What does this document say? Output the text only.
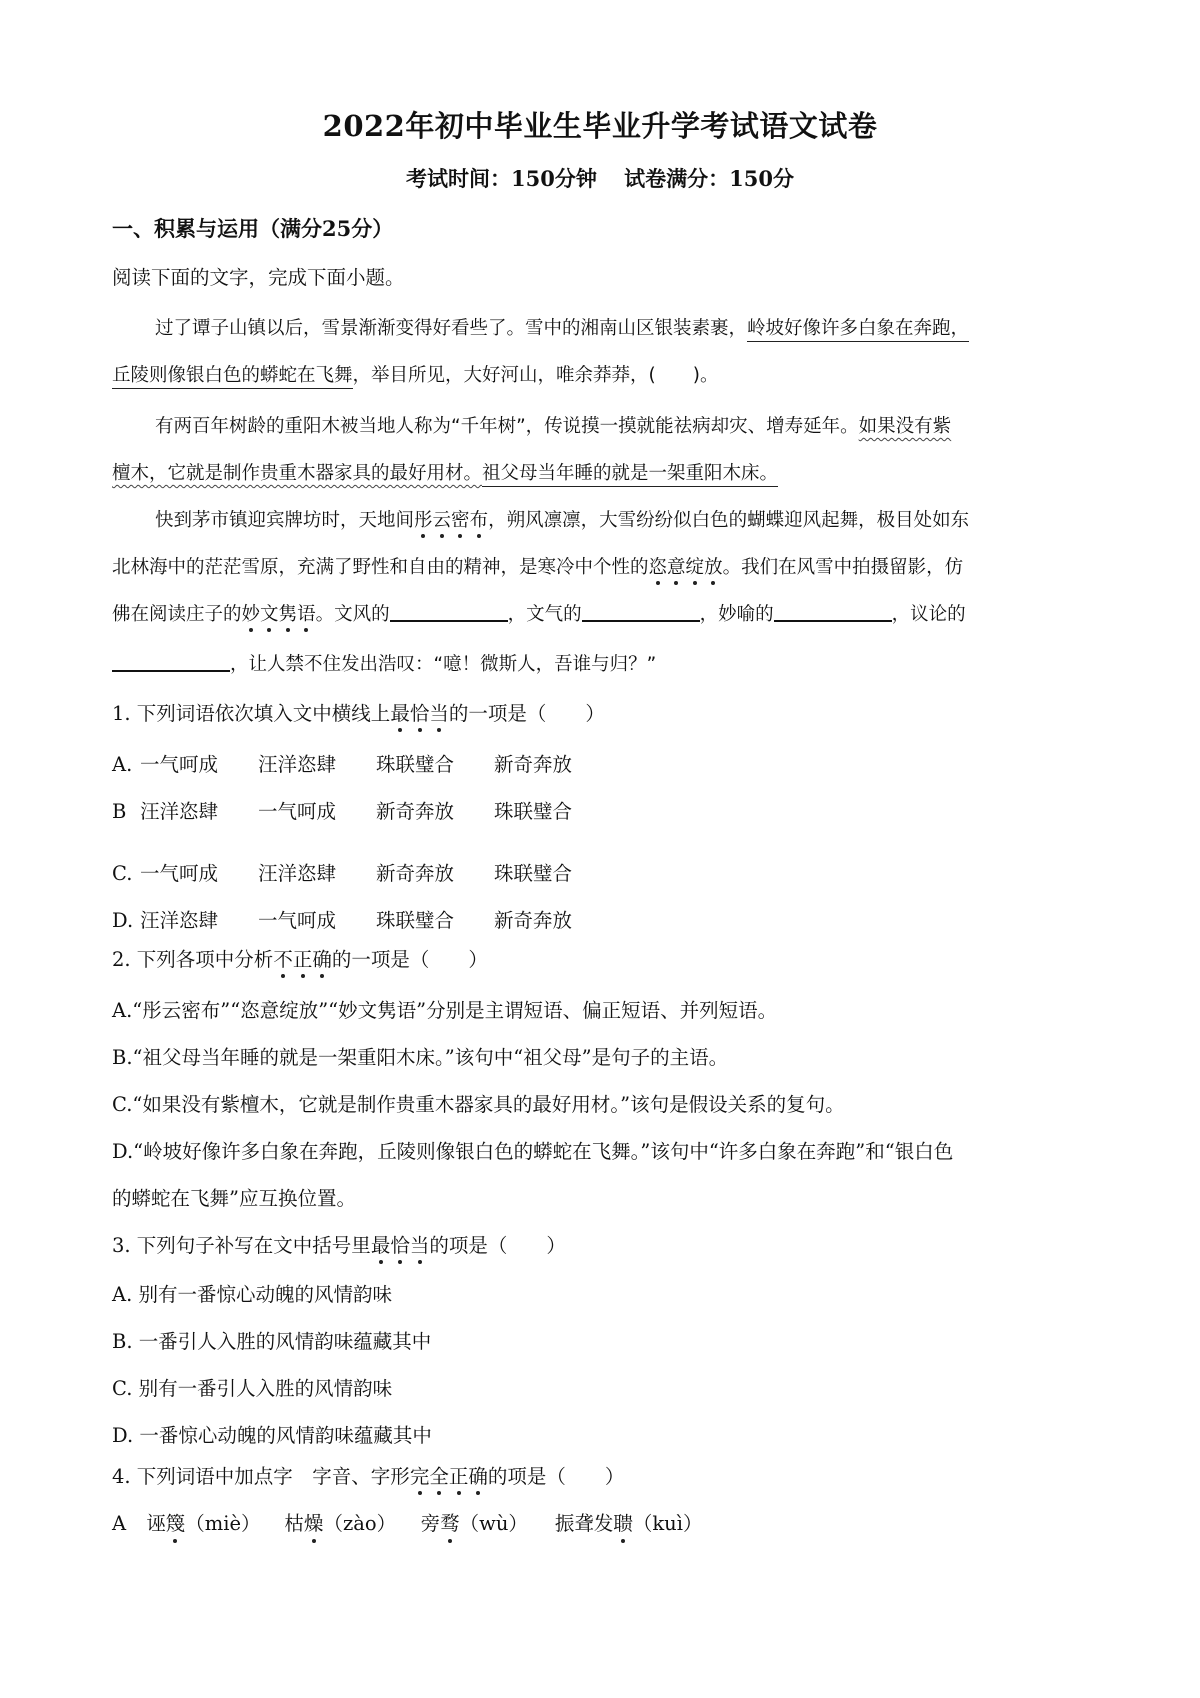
2022年初中毕业生毕业升学考试语文试卷
考试时间：150分钟 试卷满分：150分
一、积累与运用（满分25分）
阅读下面的文字，完成下面小题。
过了谭子山镇以后，雪景渐渐变得好看些了。雪中的湘南山区银装素裹，岭坡好像许多白象在奔跑，
丘陵则像银白色的蟒蛇在飞舞，举目所见，大好河山，唯余莽莽，(　　)。
有两百年树龄的重阳木被当地人称为“千年树”，传说摸一摸就能祛病却灾、增寿延年。如果没有紫
檀木，它就是制作贵重木器家具的最好用材。祖父母当年睡的就是一架重阳木床。
快到茅市镇迎宾牌坊时，天地间彤云密布，朔风凛凛，大雪纷纷似白色的蝴蝶迎风起舞，极目处如东
北林海中的茫茫雪原，充满了野性和自由的精神，是寒冷中个性的恣意绽放。我们在风雪中拍摄留影，仿
佛在阅读庄子的妙文隽语。文风的	，文气的	，妙喻的	，议论的
，让人禁不住发出浩叹：“噫！微斯人，吾谁与归？”
1. 下列词语依次填入文中横线上最恰当的一项是（　　）
A. 一气呵成 汪洋恣肆 珠联璧合 新奇奔放
B 汪洋恣肆 一气呵成 新奇奔放 珠联璧合
C. 一气呵成 汪洋恣肆 新奇奔放 珠联璧合
D. 汪洋恣肆 一气呵成 珠联璧合 新奇奔放
2. 下列各项中分析不正确的一项是（　　）
A.“彤云密布”“恣意绽放”“妙文隽语”分别是主谓短语、偏正短语、并列短语。
B.“祖父母当年睡的就是一架重阳木床。”该句中“祖父母”是句子的主语。
C.“如果没有紫檀木，它就是制作贵重木器家具的最好用材。”该句是假设关系的复句。
D.“岭坡好像许多白象在奔跑，丘陵则像银白色的蟒蛇在飞舞。”该句中“许多白象在奔跑”和“银白色
的蟒蛇在飞舞”应互换位置。
3. 下列句子补写在文中括号里最恰当的项是（　　）
A. 别有一番惊心动魄的风情韵味
B. 一番引人入胜的风情韵味蕴藏其中
C. 别有一番引人入胜的风情韵味
D. 一番惊心动魄的风情韵味蕴藏其中
4. 下列词语中加点字　字音、字形完全正确的项是（　　）
A 诬篾（miè） 枯燥（zào） 旁骛（wù） 振聋发聩（kuì）
